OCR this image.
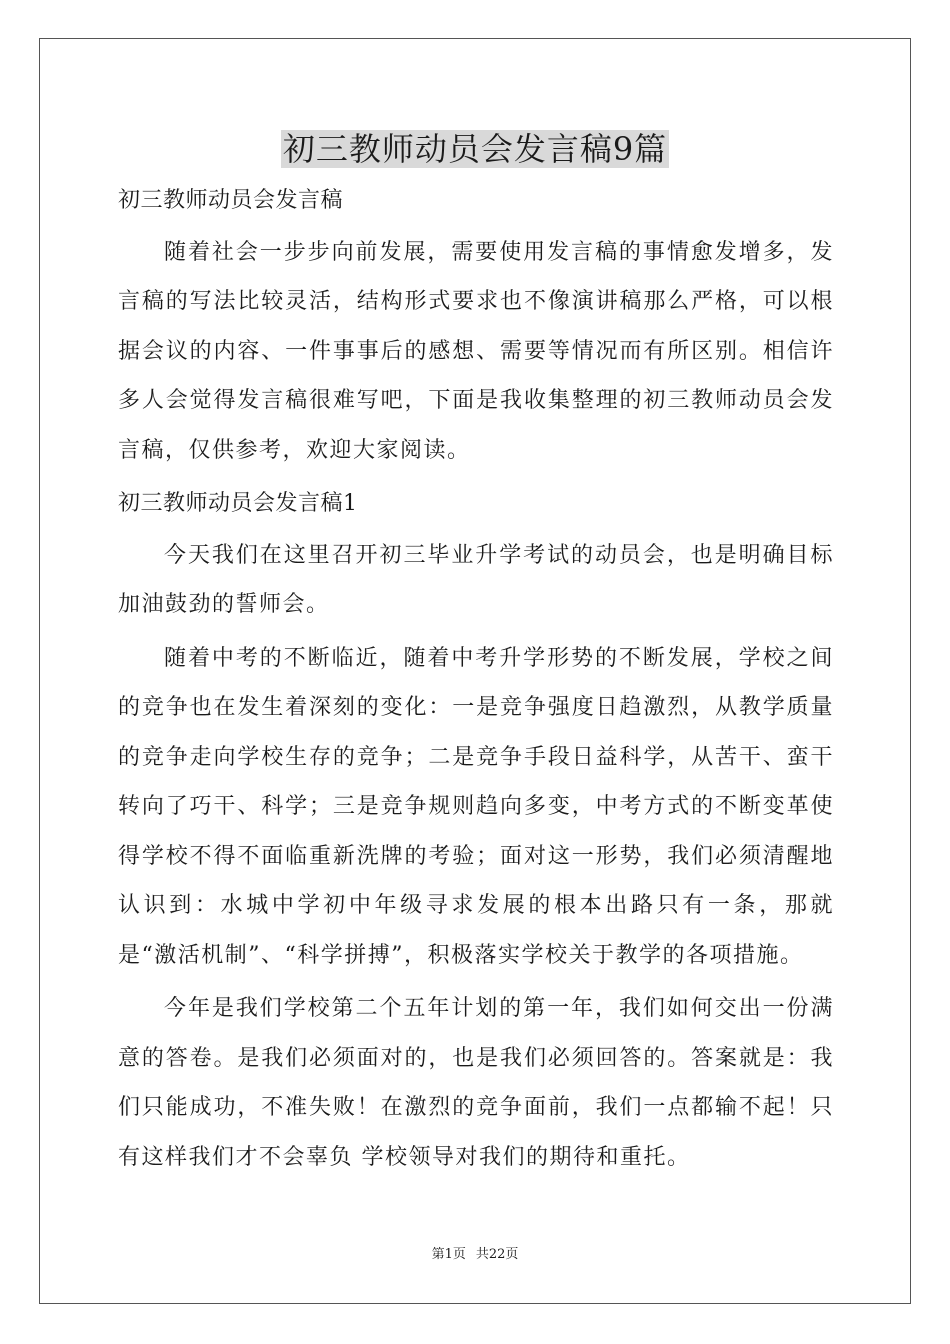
初三教师动员会发言稿9篇

初三教师动员会发言稿

随着社会一步步向前发展，需要使用发言稿的事情愈发增多，发言稿的写法比较灵活，结构形式要求也不像演讲稿那么严格，可以根据会议的内容、一件事事后的感想、需要等情况而有所区别。相信许多人会觉得发言稿很难写吧，下面是我收集整理的初三教师动员会发言稿，仅供参考，欢迎大家阅读。

初三教师动员会发言稿1

今天我们在这里召开初三毕业升学考试的动员会，也是明确目标加油鼓劲的誓师会。

随着中考的不断临近，随着中考升学形势的不断发展，学校之间的竞争也在发生着深刻的变化：一是竞争强度日趋激烈，从教学质量的竞争走向学校生存的竞争；二是竞争手段日益科学，从苦干、蛮干转向了巧干、科学；三是竞争规则趋向多变，中考方式的不断变革使得学校不得不面临重新洗牌的考验；面对这一形势，我们必须清醒地认识到：水城中学初中年级寻求发展的根本出路只有一条，那就是“激活机制”、“科学拼搏”，积极落实学校关于教学的各项措施。

今年是我们学校第二个五年计划的第一年，我们如何交出一份满意的答卷。是我们必须面对的，也是我们必须回答的。答案就是：我们只能成功，不准失败！在激烈的竞争面前，我们一点都输不起！只有这样我们才不会辜负 学校领导对我们的期待和重托。

第1页 共22页
